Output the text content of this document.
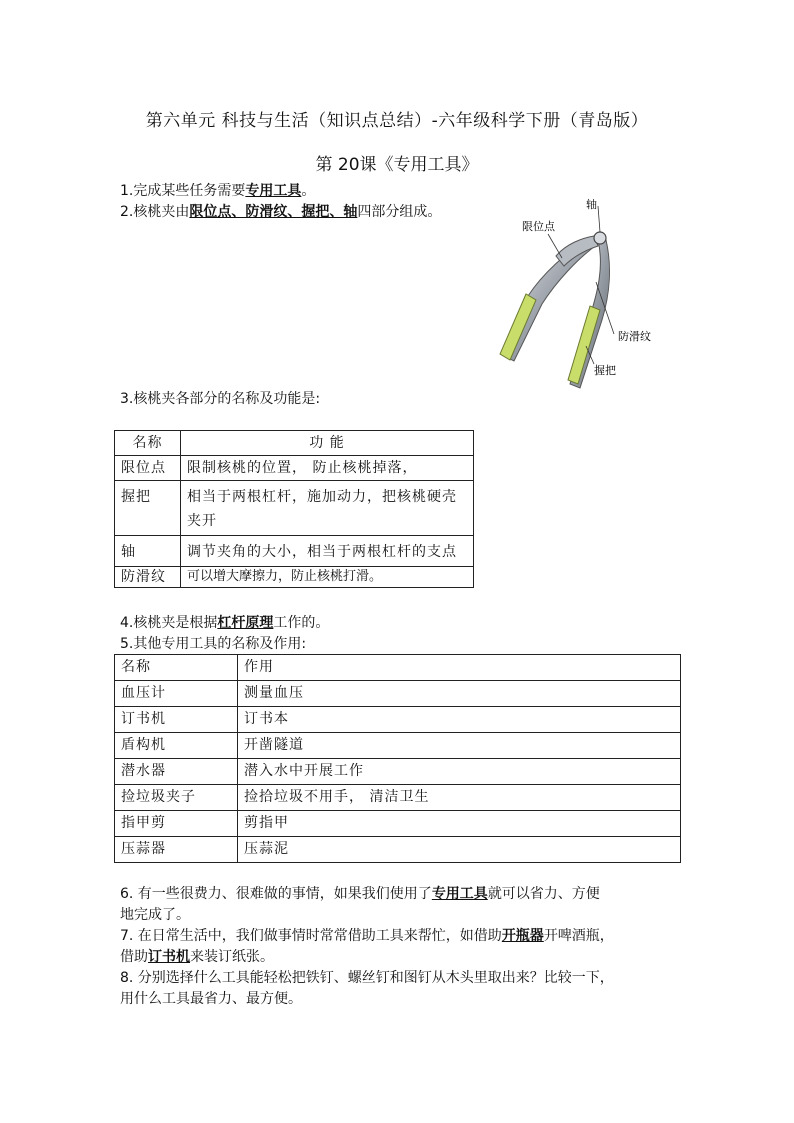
第六单元 科技与生活（知识点总结）-六年级科学下册（青岛版）
第 20课《专用工具》
1.完成某些任务需要专用工具。
2.核桃夹由限位点、防滑纹、握把、轴四部分组成。	轴
限位点
防滑纹
握把
3.核桃夹各部分的名称及功能是:
名称	功 能
限位点	限制核桃的位置， 防止核桃掉落，
握把	相当于两根杠杆，施加动力，把核桃硬壳夹开
轴	调节夹角的大小，相当于两根杠杆的支点
防滑纹	可以增大摩擦力，防止核桃打滑。
4.核桃夹是根据杠杆原理工作的。
5.其他专用工具的名称及作用:
名称	作用
血压计	测量血压
订书机	订书本
盾构机	开凿隧道
潜水器	潜入水中开展工作
捡垃圾夹子	捡拾垃圾不用手， 清洁卫生
指甲剪	剪指甲
压蒜器	压蒜泥
6. 有一些很费力、很难做的事情，如果我们使用了专用工具就可以省力、方便
地完成了。
7. 在日常生活中，我们做事情时常常借助工具来帮忙，如借助开瓶器开啤酒瓶，
借助订书机来装订纸张。
8. 分别选择什么工具能轻松把铁钉、螺丝钉和图钉从木头里取出来？比较一下，
用什么工具最省力、最方便。
